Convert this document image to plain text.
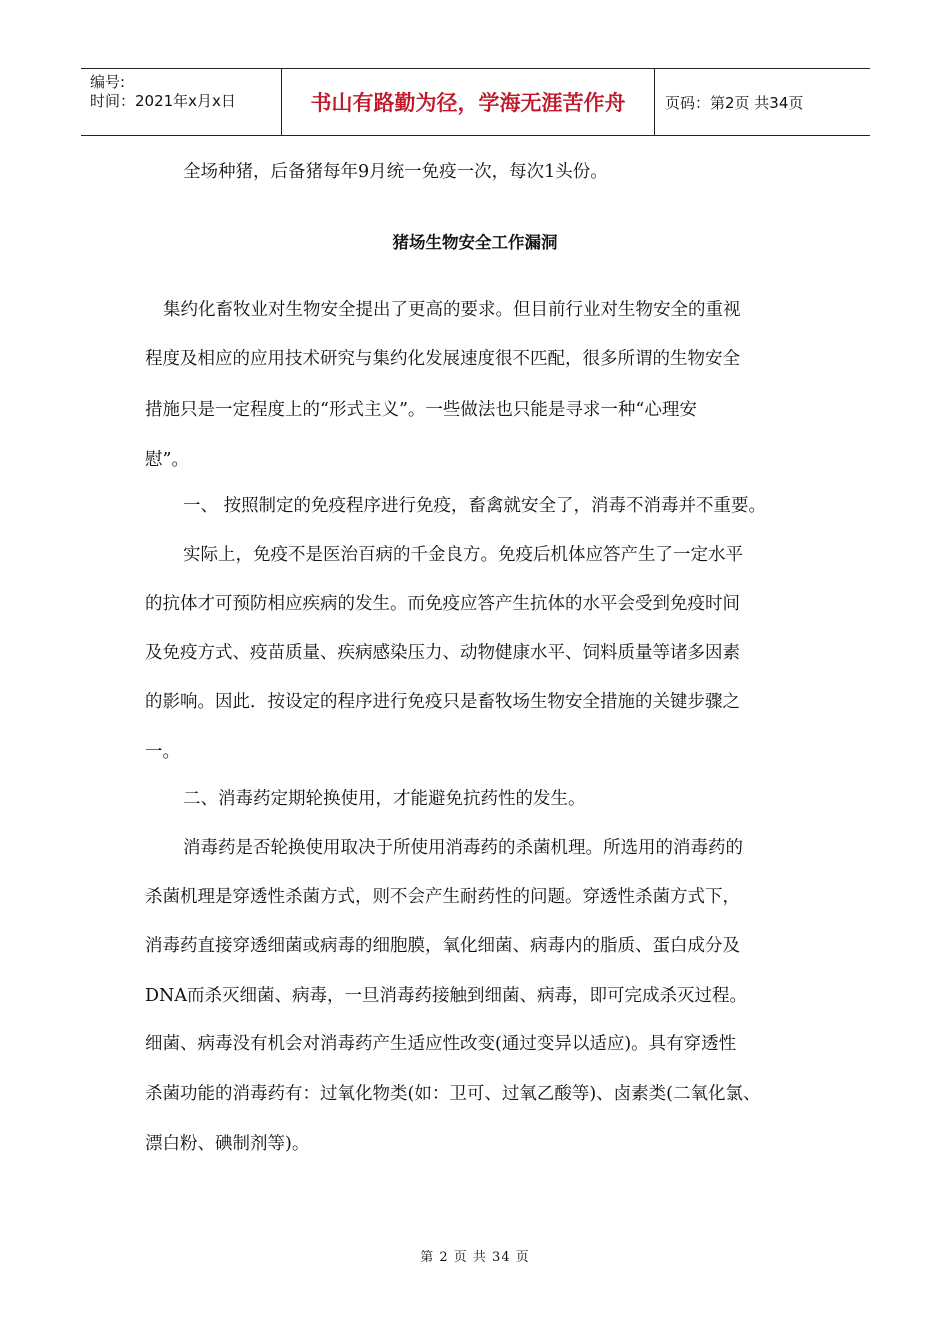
编号:
时间：2021年x月x日	书山有路勤为径，学海无涯苦作舟	页码：第2页 共34页
全场种猪，后备猪每年9月统一免疫一次，每次1头份。
猪场生物安全工作漏洞
集约化畜牧业对生物安全提出了更高的要求。但目前行业对生物安全的重视
程度及相应的应用技术研究与集约化发展速度很不匹配，很多所谓的生物安全
措施只是一定程度上的“形式主义”。一些做法也只能是寻求一种“心理安
慰”。
一、 按照制定的免疫程序进行免疫，畜禽就安全了，消毒不消毒并不重要。
实际上，免疫不是医治百病的千金良方。免疫后机体应答产生了一定水平
的抗体才可预防相应疾病的发生。而免疫应答产生抗体的水平会受到免疫时间
及免疫方式、疫苗质量、疾病感染压力、动物健康水平、饲料质量等诸多因素
的影响。因此．按设定的程序进行免疫只是畜牧场生物安全措施的关键步骤之
一。
二、消毒药定期轮换使用，才能避免抗药性的发生。
消毒药是否轮换使用取决于所使用消毒药的杀菌机理。所选用的消毒药的
杀菌机理是穿透性杀菌方式，则不会产生耐药性的问题。穿透性杀菌方式下，
消毒药直接穿透细菌或病毒的细胞膜，氧化细菌、病毒内的脂质、蛋白成分及
DNA而杀灭细菌、病毒，一旦消毒药接触到细菌、病毒，即可完成杀灭过程。
细菌、病毒没有机会对消毒药产生适应性改变(通过变异以适应)。具有穿透性
杀菌功能的消毒药有：过氧化物类(如：卫可、过氧乙酸等)、卤素类(二氧化氯、
漂白粉、碘制剂等)。
第 2 页 共 34 页
